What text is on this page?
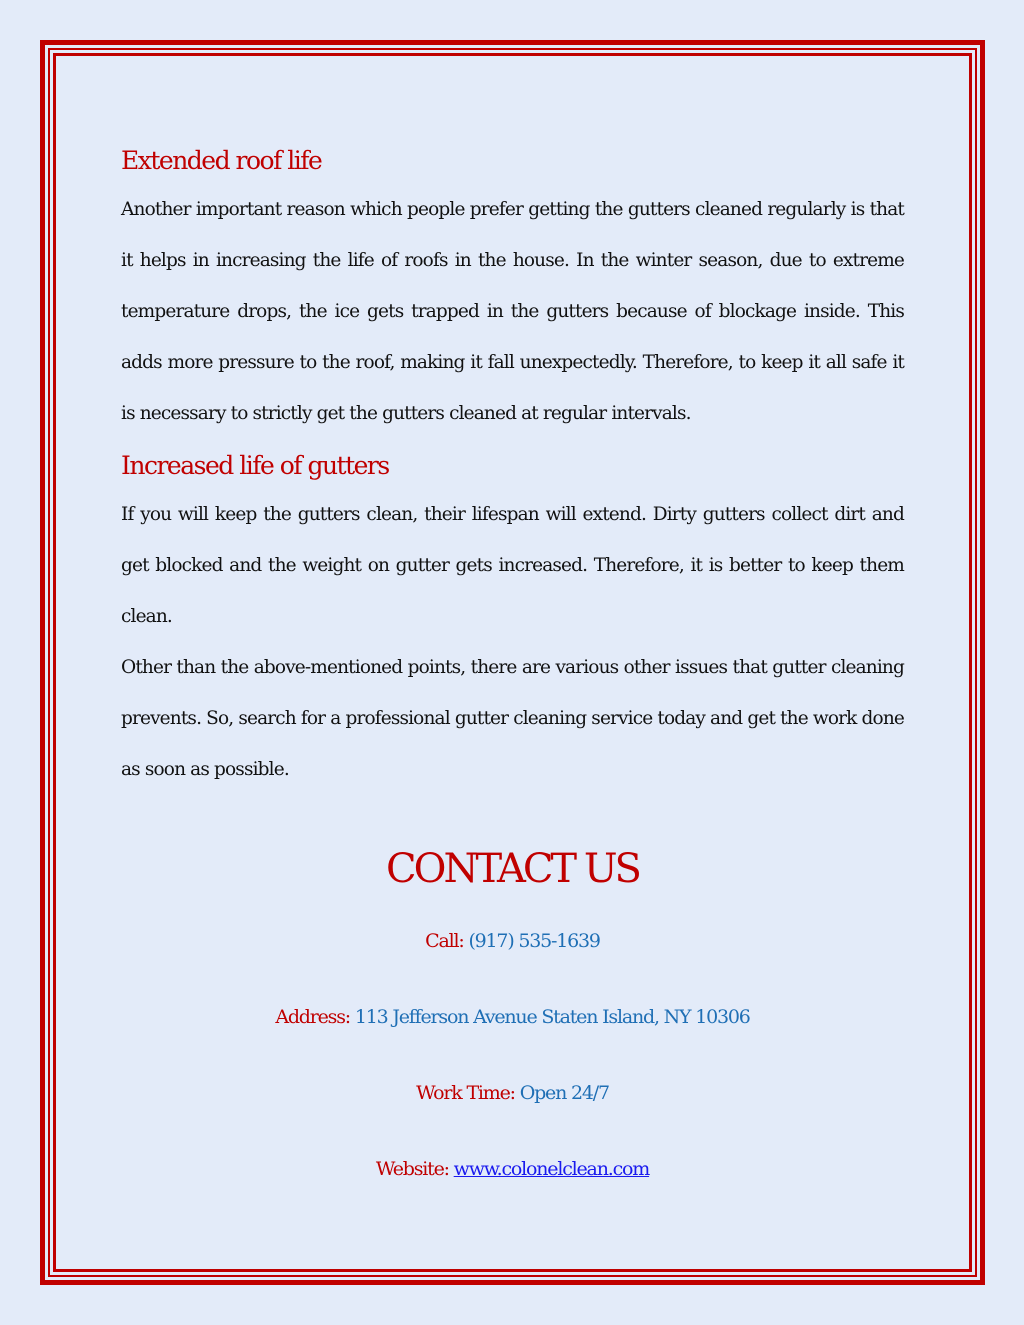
Extended roof life

Another important reason which people prefer getting the gutters cleaned regularly is that it helps in increasing the life of roofs in the house. In the winter season, due to extreme temperature drops, the ice gets trapped in the gutters because of blockage inside. This adds more pressure to the roof, making it fall unexpectedly. Therefore, to keep it all safe it is necessary to strictly get the gutters cleaned at regular intervals.

Increased life of gutters

If you will keep the gutters clean, their lifespan will extend. Dirty gutters collect dirt and get blocked and the weight on gutter gets increased. Therefore, it is better to keep them clean.

Other than the above-mentioned points, there are various other issues that gutter cleaning prevents. So, search for a professional gutter cleaning service today and get the work done as soon as possible.

CONTACT US
Call: (917) 535-1639
Address: 113 Jefferson Avenue Staten Island, NY 10306
Work Time: Open 24/7
Website: www.colonelclean.com
